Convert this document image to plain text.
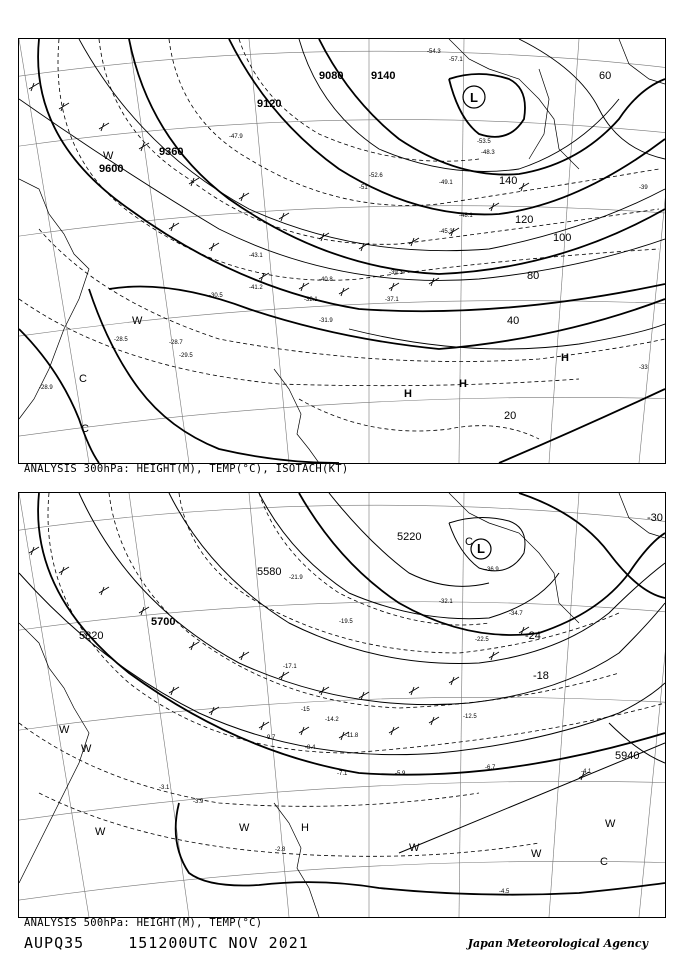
9600
9360
9120
9080	9140
20
40
60
80
100
120
140
-28.5	-28.7
-28.9
-29.5
-30.5
-31.9
-32.1
-33
-37.1
-39
-39.3
-40.8
-41.2
-43.1
-45.3
-47.9
-48.1
-48.3
-49.1
-51
-52.6
-53.5
-54.3
-57.1
L
H
H
H
W
W
C
C
ANALYSIS 300hPa: HEIGHT(M), TEMP(°C), ISOTACH(KT)
5820
5700
5580
5940
5220
-36.9
-34.7
-32.1
-30
-24
-22.5
-21.9
-19.5
-18
-17.1
-15
-14.2	-12.5
-11.8
-9.7
-8.4
-7.1
-6.7
-5.9
-4.5
-4.1
-3.9
-3.1
-2.8
L
C
C
W
W	W
W	W
W
W
H
ANALYSIS 500hPa: HEIGHT(M), TEMP(°C)
AUPQ35	151200UTC NOV 2021	Japan Meteorological Agency
